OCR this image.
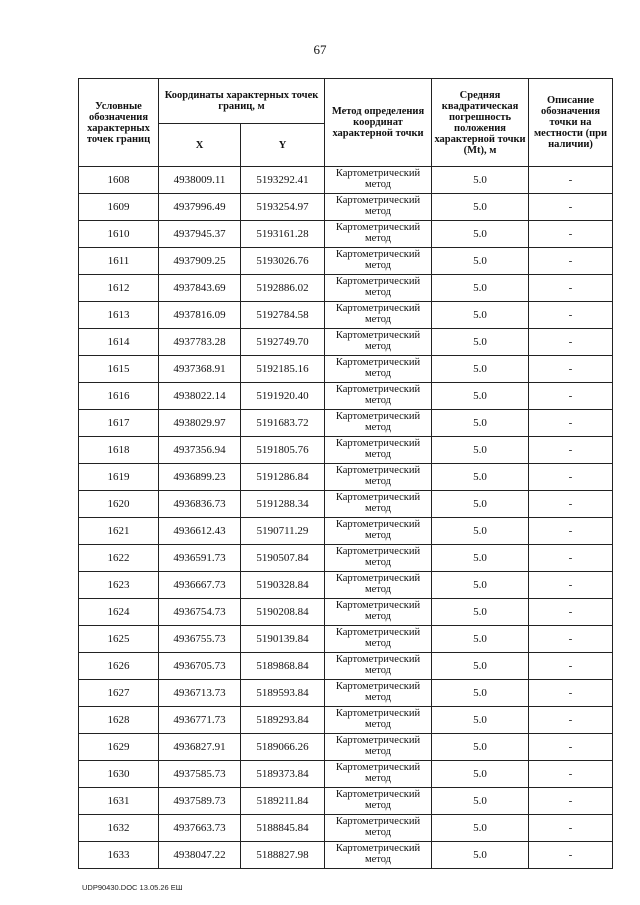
67
Условные обозначения характерных точек границ	Координаты характерных точек границ, м		Метод определения координат характерной точки	Средняя квадратическая погрешность положения характерной точки (Mt), м	Описание обозначения точки на местности (при наличии)
	X	Y			
1608	4938009.11	5193292.41	Картометрический метод	5.0	-
1609	4937996.49	5193254.97	Картометрический метод	5.0	-
1610	4937945.37	5193161.28	Картометрический метод	5.0	-
1611	4937909.25	5193026.76	Картометрический метод	5.0	-
1612	4937843.69	5192886.02	Картометрический метод	5.0	-
1613	4937816.09	5192784.58	Картометрический метод	5.0	-
1614	4937783.28	5192749.70	Картометрический метод	5.0	-
1615	4937368.91	5192185.16	Картометрический метод	5.0	-
1616	4938022.14	5191920.40	Картометрический метод	5.0	-
1617	4938029.97	5191683.72	Картометрический метод	5.0	-
1618	4937356.94	5191805.76	Картометрический метод	5.0	-
1619	4936899.23	5191286.84	Картометрический метод	5.0	-
1620	4936836.73	5191288.34	Картометрический метод	5.0	-
1621	4936612.43	5190711.29	Картометрический метод	5.0	-
1622	4936591.73	5190507.84	Картометрический метод	5.0	-
1623	4936667.73	5190328.84	Картометрический метод	5.0	-
1624	4936754.73	5190208.84	Картометрический метод	5.0	-
1625	4936755.73	5190139.84	Картометрический метод	5.0	-
1626	4936705.73	5189868.84	Картометрический метод	5.0	-
1627	4936713.73	5189593.84	Картометрический метод	5.0	-
1628	4936771.73	5189293.84	Картометрический метод	5.0	-
1629	4936827.91	5189066.26	Картометрический метод	5.0	-
1630	4937585.73	5189373.84	Картометрический метод	5.0	-
1631	4937589.73	5189211.84	Картометрический метод	5.0	-
1632	4937663.73	5188845.84	Картометрический метод	5.0	-
1633	4938047.22	5188827.98	Картометрический метод	5.0	-
UDP90430.DOC 13.05.26 ЕШ
